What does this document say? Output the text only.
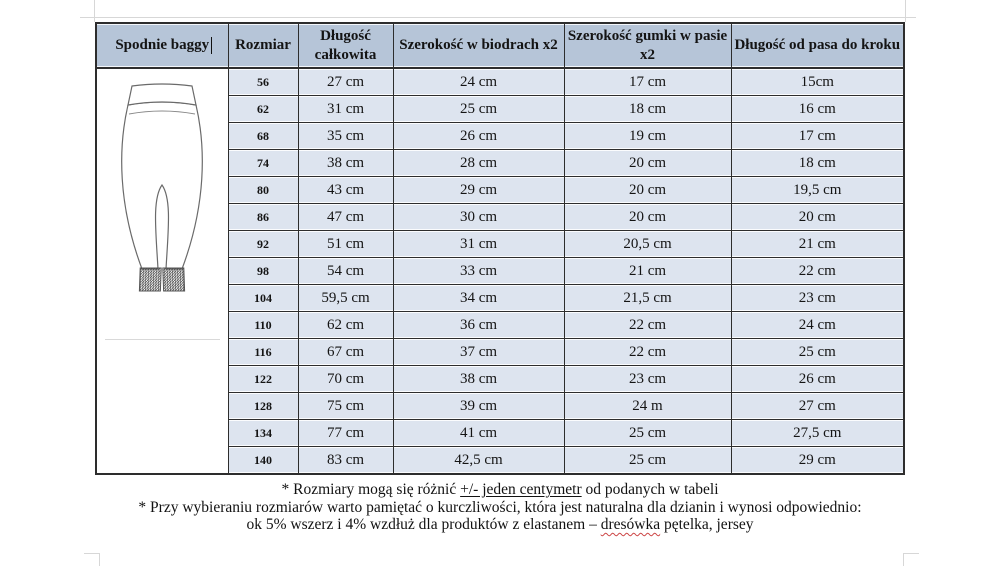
Spodnie baggy	Rozmiar	Długość całkowita	Szerokość w biodrach x2	Szerokość gumki w pasie x2	Długość od pasa do kroku

	56	27 cm	24 cm	17 cm	15cm
	62	31 cm	25 cm	18 cm	16 cm
	68	35 cm	26 cm	19 cm	17 cm
	74	38 cm	28 cm	20 cm	18 cm
	80	43 cm	29 cm	20 cm	19,5 cm
	86	47 cm	30 cm	20 cm	20 cm
	92	51 cm	31 cm	20,5 cm	21 cm
	98	54 cm	33 cm	21 cm	22 cm
	104	59,5 cm	34 cm	21,5 cm	23 cm
	110	62 cm	36 cm	22 cm	24 cm
	116	67 cm	37 cm	22 cm	25 cm
	122	70 cm	38 cm	23 cm	26 cm
	128	75 cm	39 cm	24 m	27 cm
	134	77 cm	41 cm	25 cm	27,5 cm
	140	83 cm	42,5 cm	25 cm	29 cm

* Rozmiary mogą się różnić +/- jeden centymetr od podanych w tabeli

* Przy wybieraniu rozmiarów warto pamiętać o kurczliwości, która jest naturalna dla dzianin i wynosi odpowiednio:

ok 5% wszerz i 4% wzdłuż dla produktów z elastanem – dresówka pętelka, jersey
